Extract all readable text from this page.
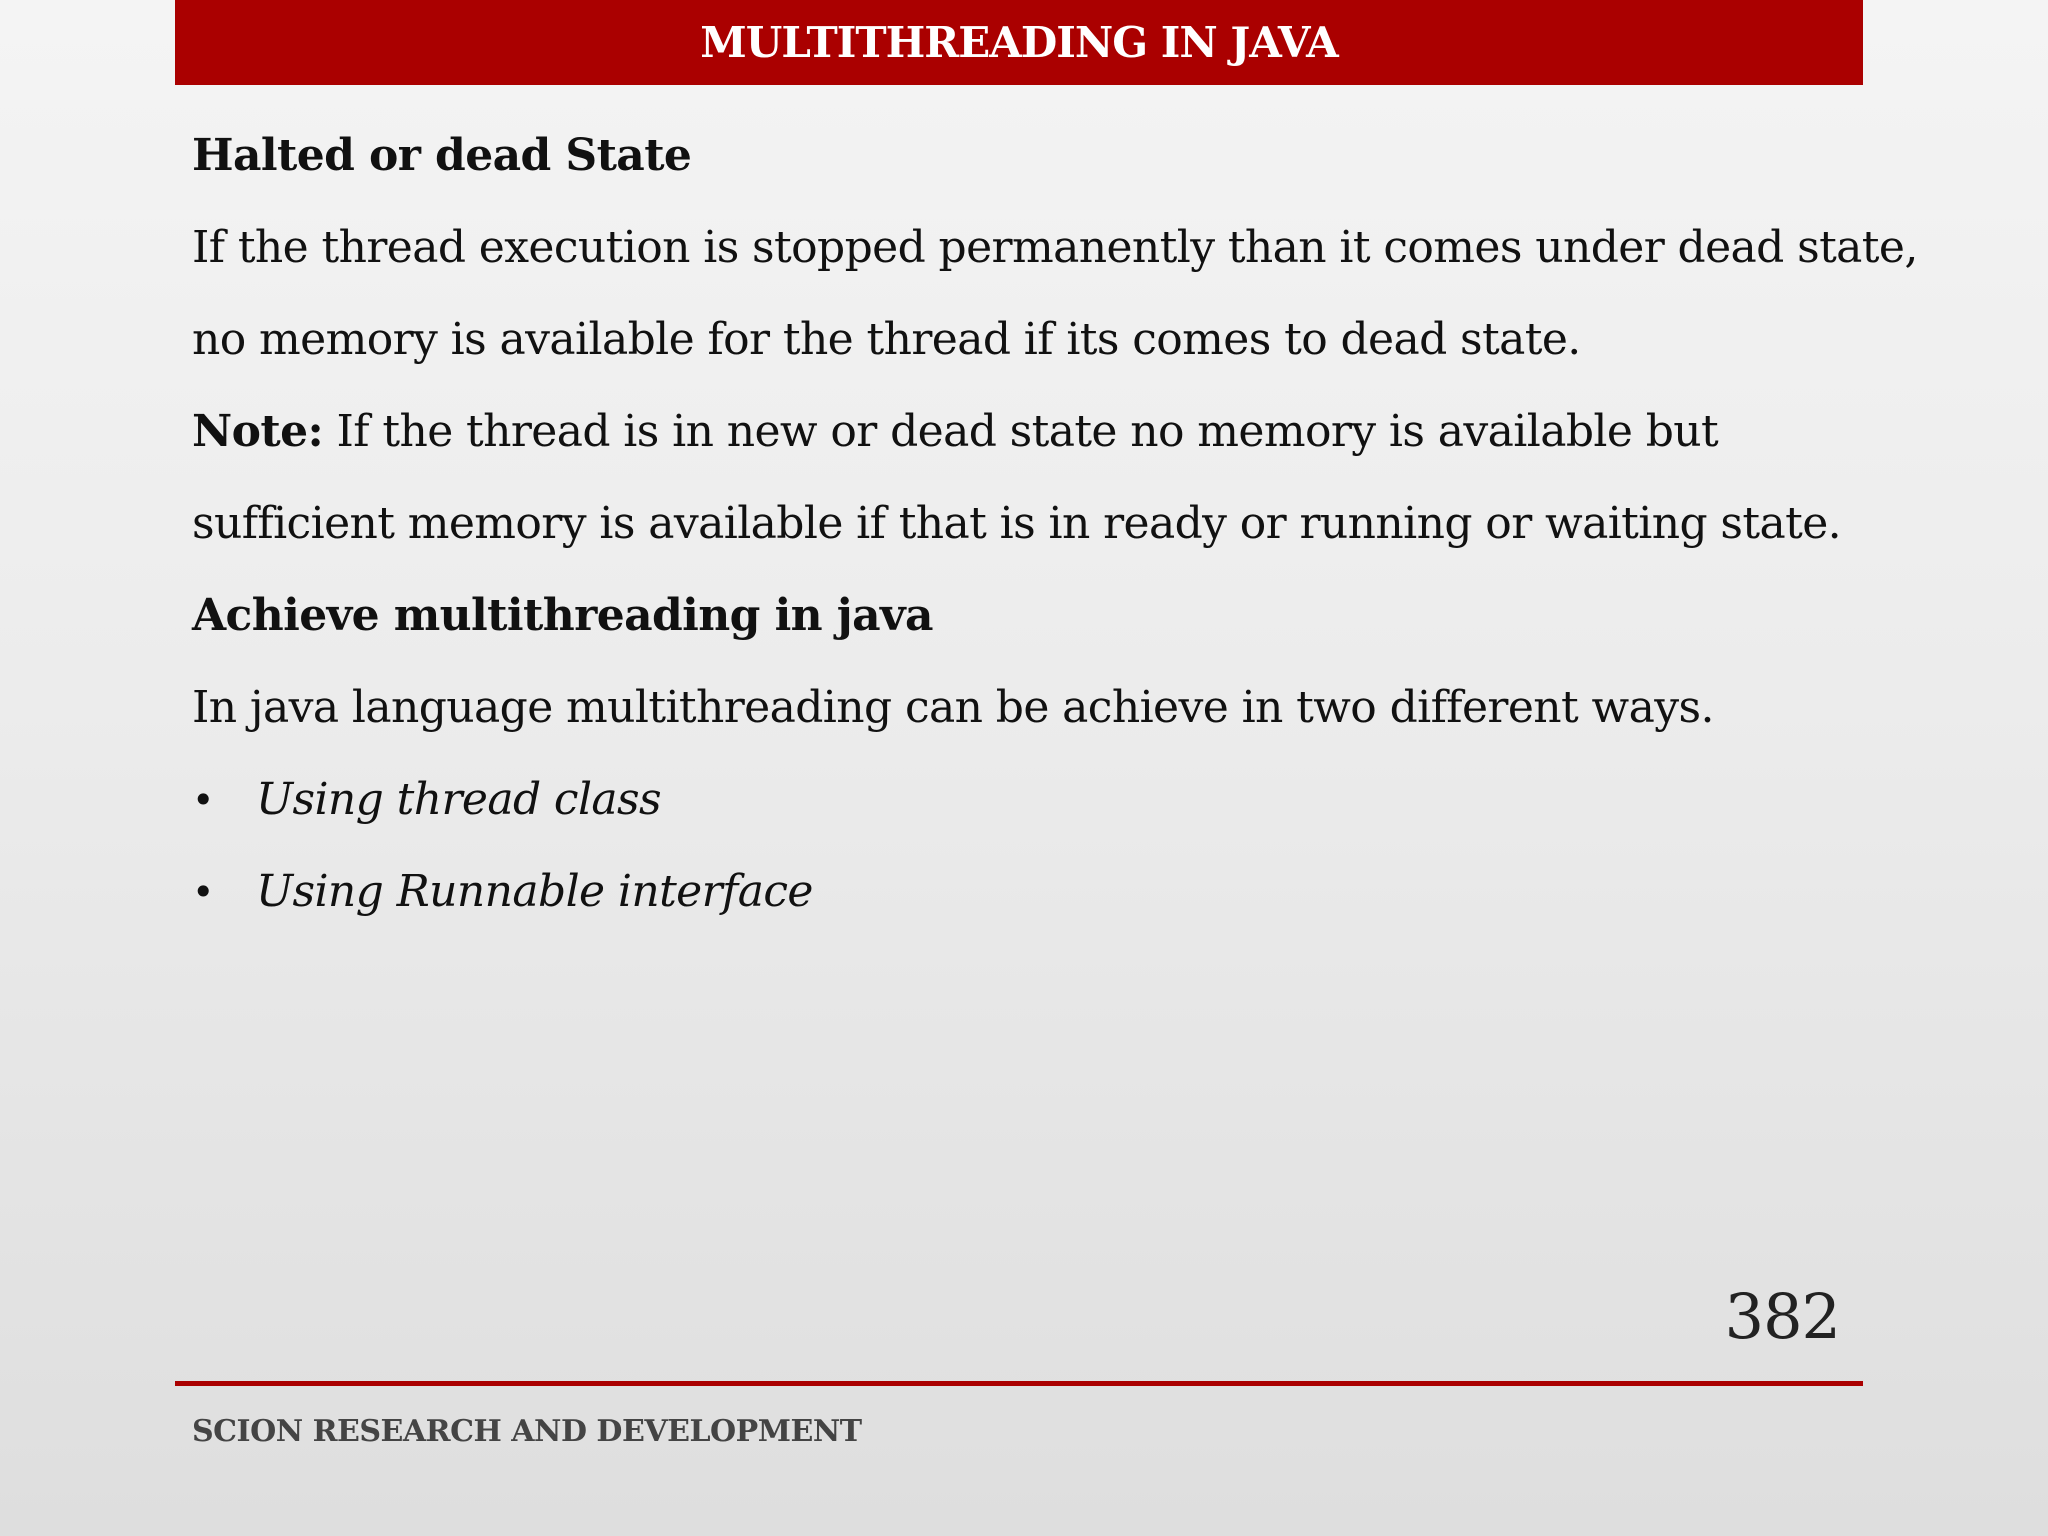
MULTITHREADING IN JAVA
Halted or dead State
If the thread execution is stopped permanently than it comes under dead state,
no memory is available for the thread if its comes to dead state.
Note: If the thread is in new or dead state no memory is available but
sufficient memory is available if that is in ready or running or waiting state.
Achieve multithreading in java
In java language multithreading can be achieve in two different ways.
• Using thread class
• Using Runnable interface
382
SCION RESEARCH AND DEVELOPMENT
